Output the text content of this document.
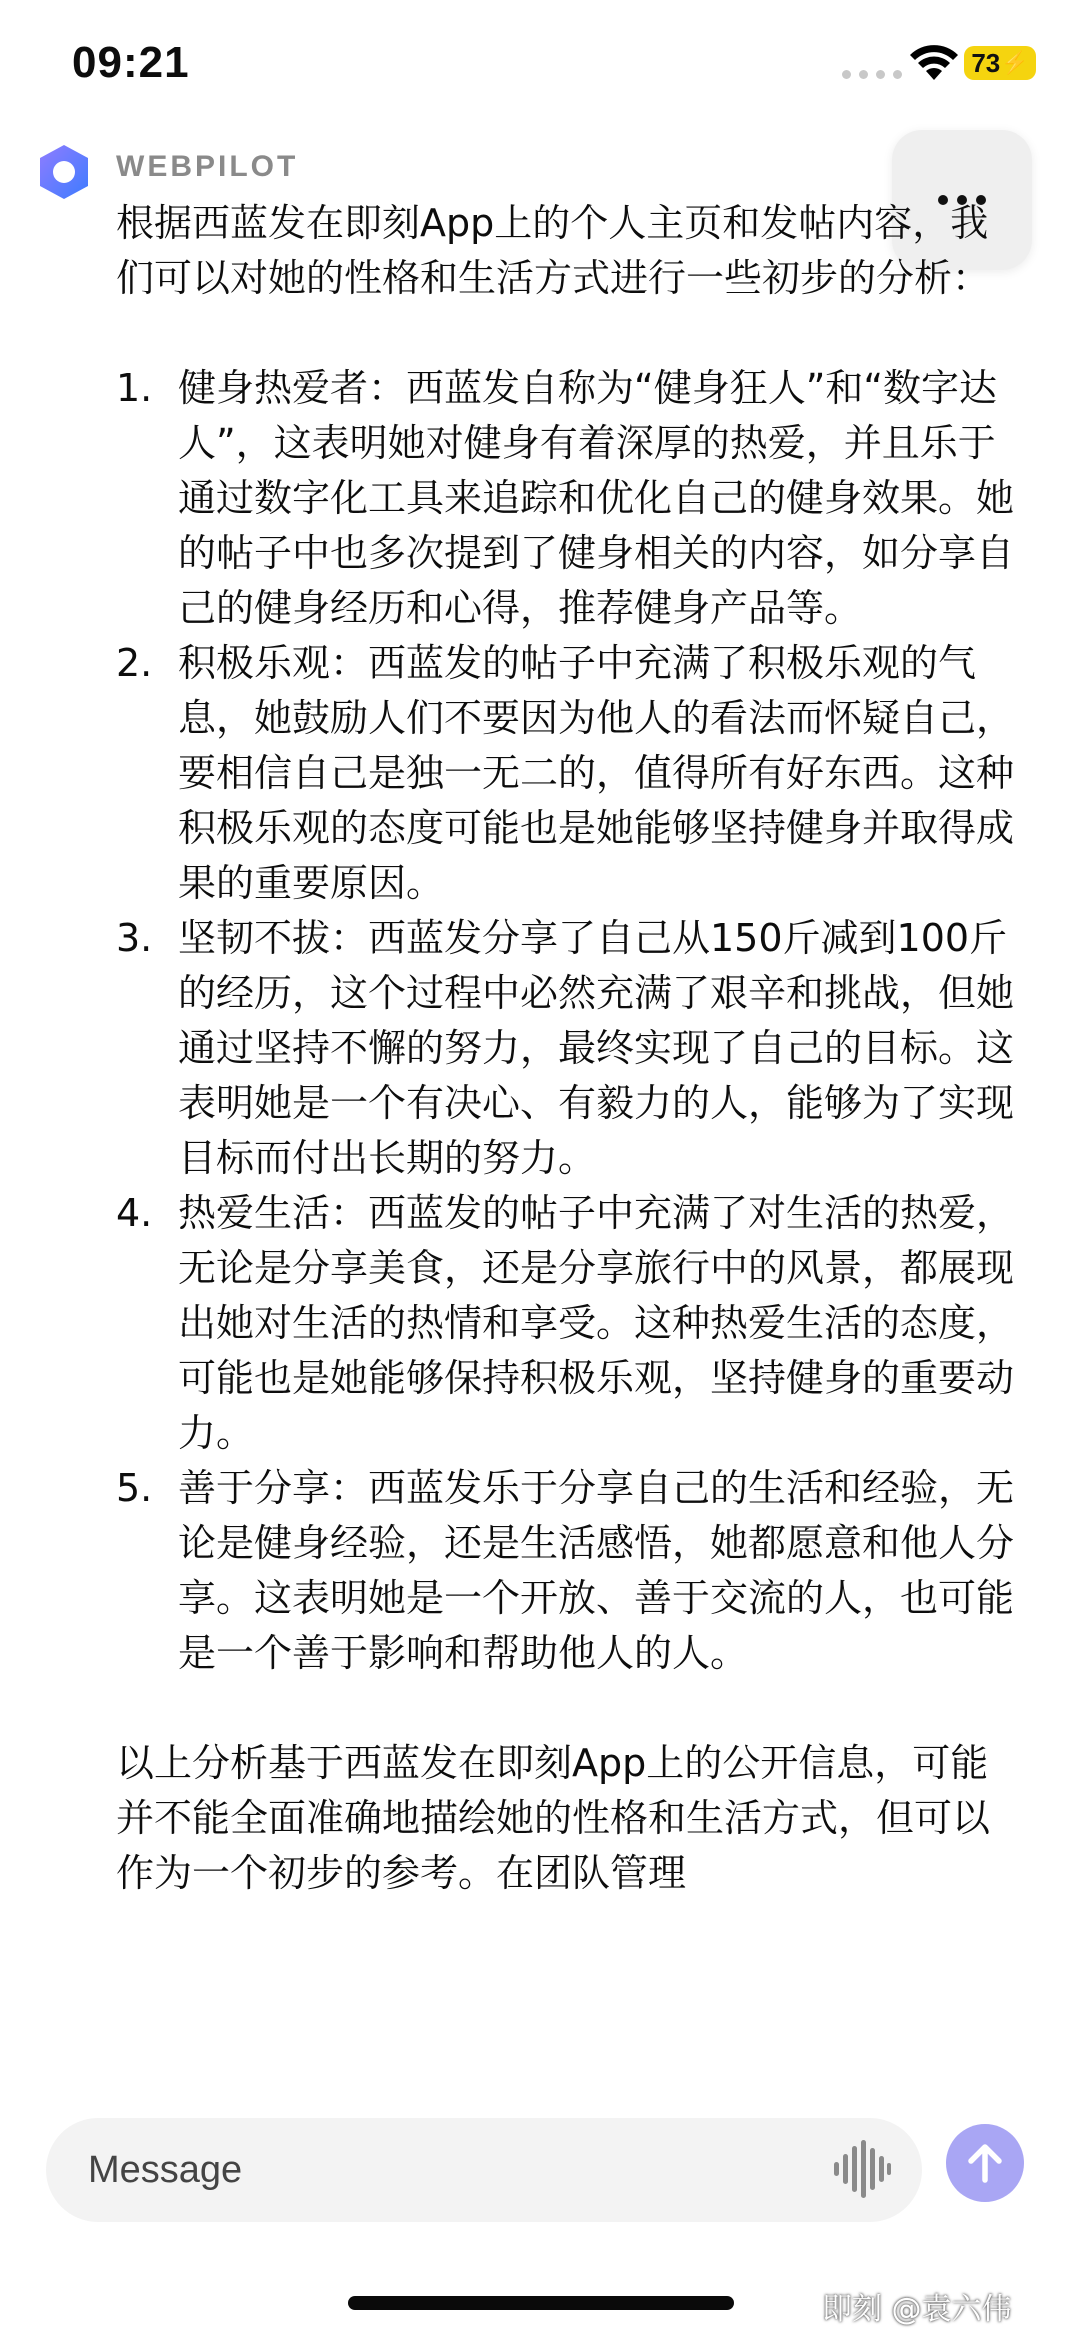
09:21	73 ⚡
WEBPILOT

根据西蓝发在即刻App上的个人主页和发帖内容，我们可以对她的性格和生活方式进行一些初步的分析：

1. 健身热爱者：西蓝发自称为“健身狂人”和“数字达人”，这表明她对健身有着深厚的热爱，并且乐于通过数字化工具来追踪和优化自己的健身效果。她的帖子中也多次提到了健身相关的内容，如分享自己的健身经历和心得，推荐健身产品等。
2. 积极乐观：西蓝发的帖子中充满了积极乐观的气息，她鼓励人们不要因为他人的看法而怀疑自己，要相信自己是独一无二的，值得所有好东西。这种积极乐观的态度可能也是她能够坚持健身并取得成果的重要原因。
3. 坚韧不拔：西蓝发分享了自己从150斤减到100斤的经历，这个过程中必然充满了艰辛和挑战，但她通过坚持不懈的努力，最终实现了自己的目标。这表明她是一个有决心、有毅力的人，能够为了实现目标而付出长期的努力。
4. 热爱生活：西蓝发的帖子中充满了对生活的热爱，无论是分享美食，还是分享旅行中的风景，都展现出她对生活的热情和享受。这种热爱生活的态度，可能也是她能够保持积极乐观，坚持健身的重要动力。
5. 善于分享：西蓝发乐于分享自己的生活和经验，无论是健身经验，还是生活感悟，她都愿意和他人分享。这表明她是一个开放、善于交流的人，也可能是一个善于影响和帮助他人的人。

以上分析基于西蓝发在即刻App上的公开信息，可能并不能全面准确地描绘她的性格和生活方式，但可以作为一个初步的参考。在团队管理

Message
即刻 @袁六伟
